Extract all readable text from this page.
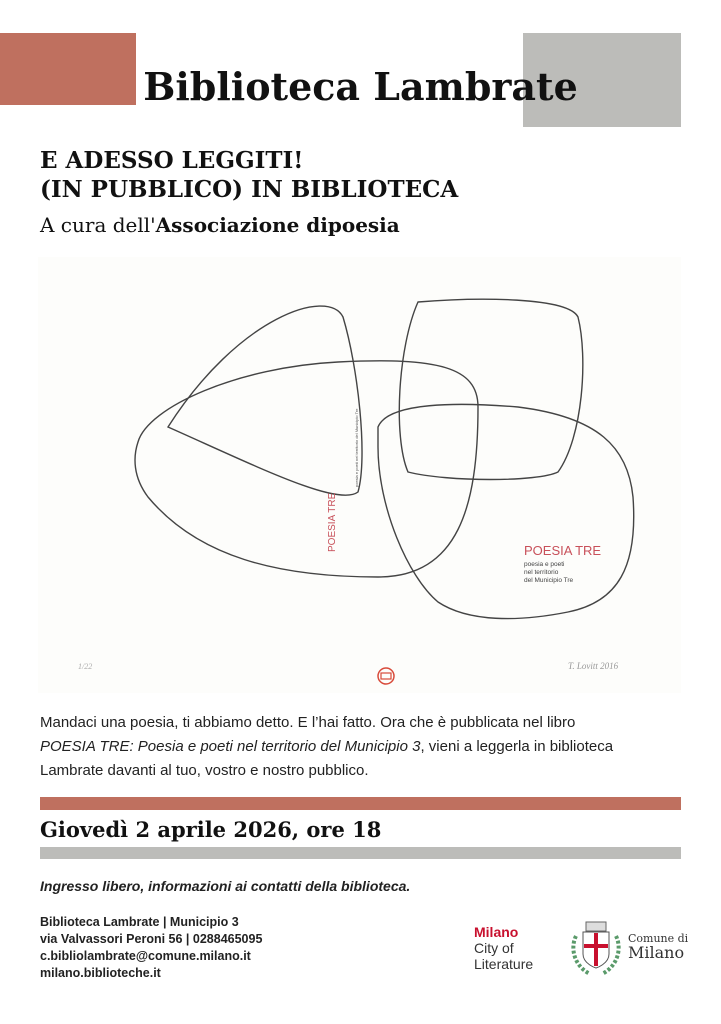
Biblioteca Lambrate
E ADESSO LEGGITI!
(IN PUBBLICO) IN BIBLIOTECA
A cura dell'Associazione dipoesia
POESIA TRE
poesia e poeti nel territorio del Municipio Tre
POESIA TRE
poesia e poeti
nel territorio
del Municipio Tre
1/22	T. Lovitt 2016
Mandaci una poesia, ti abbiamo detto. E l’hai fatto. Ora che è pubblicata nel libro
POESIA TRE: Poesia e poeti nel territorio del Municipio 3, vieni a leggerla in biblioteca
Lambrate davanti al tuo, vostro e nostro pubblico.
Giovedì 2 aprile 2026, ore 18
Ingresso libero, informazioni ai contatti della biblioteca.
Biblioteca Lambrate | Municipio 3
via Valvassori Peroni 56 | 0288465095
c.bibliolambrate@comune.milano.it
milano.biblioteche.it
Milano
City of
Literature
Comune di
Milano
